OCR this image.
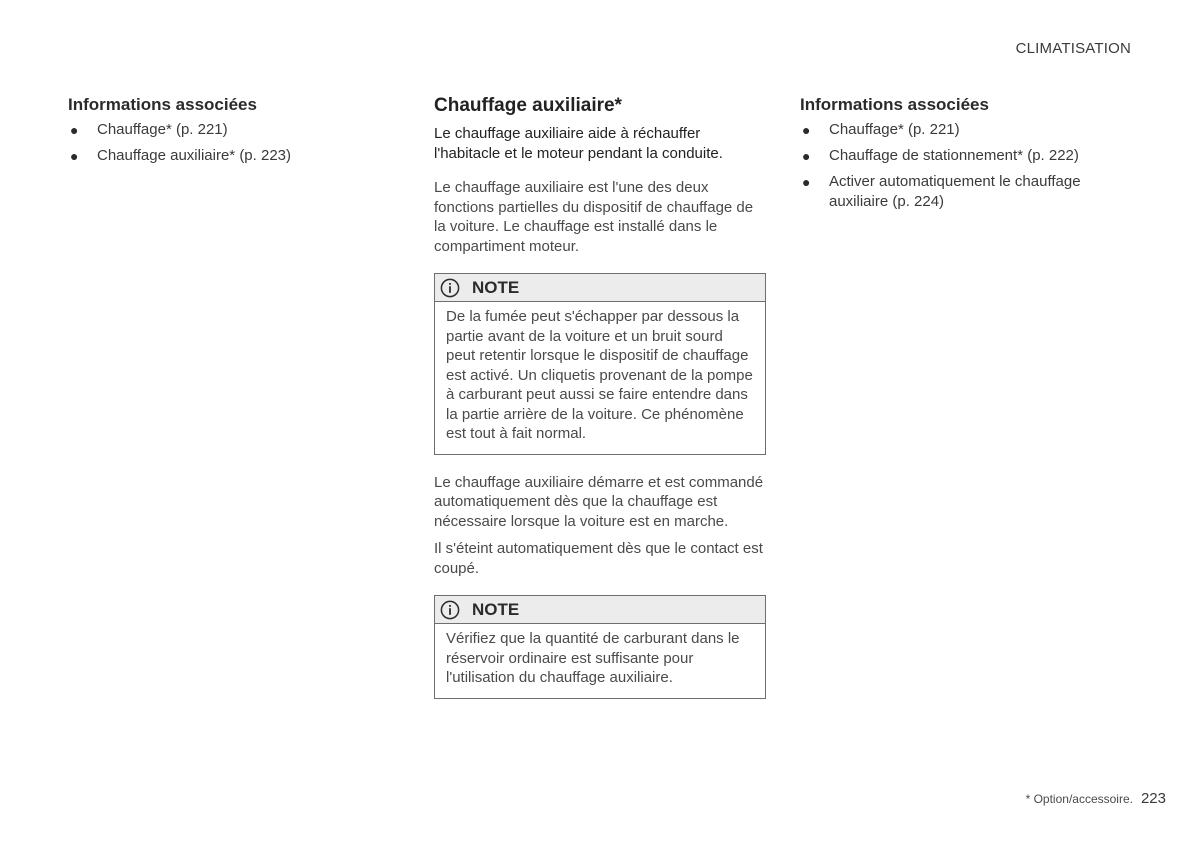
CLIMATISATION
Informations associées
● Chauffage* (p. 221)
● Chauffage auxiliaire* (p. 223)
Chauffage auxiliaire*
Le chauffage auxiliaire aide à réchauffer l'habitacle et le moteur pendant la conduite.

Le chauffage auxiliaire est l'une des deux fonctions partielles du dispositif de chauffage de la voiture. Le chauffage est installé dans le compartiment moteur.

NOTE
De la fumée peut s'échapper par dessous la partie avant de la voiture et un bruit sourd peut retentir lorsque le dispositif de chauffage est activé. Un cliquetis provenant de la pompe à carburant peut aussi se faire entendre dans la partie arrière de la voiture. Ce phénomène est tout à fait normal.

Le chauffage auxiliaire démarre et est commandé automatiquement dès que la chauffage est nécessaire lorsque la voiture est en marche.

Il s'éteint automatiquement dès que le contact est coupé.

NOTE
Vérifiez que la quantité de carburant dans le réservoir ordinaire est suffisante pour l'utilisation du chauffage auxiliaire.
Informations associées
● Chauffage* (p. 221)
● Chauffage de stationnement* (p. 222)
● Activer automatiquement le chauffage auxiliaire (p. 224)
* Option/accessoire. 223
